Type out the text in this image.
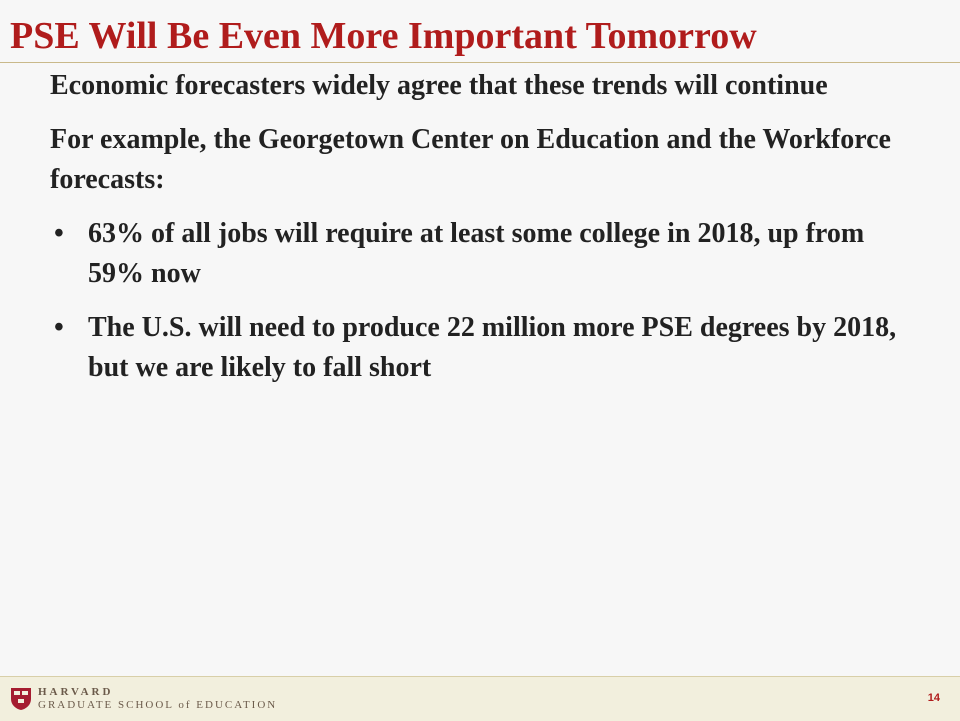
PSE Will Be Even More Important Tomorrow

Economic forecasters widely agree that these trends will continue

For example, the Georgetown Center on Education and the Workforce forecasts:

• 63% of all jobs will require at least some college in 2018, up from 59% now
• The U.S. will need to produce 22 million more PSE degrees by 2018, but we are likely to fall short
HARVARD
GRADUATE SCHOOL of EDUCATION
14
